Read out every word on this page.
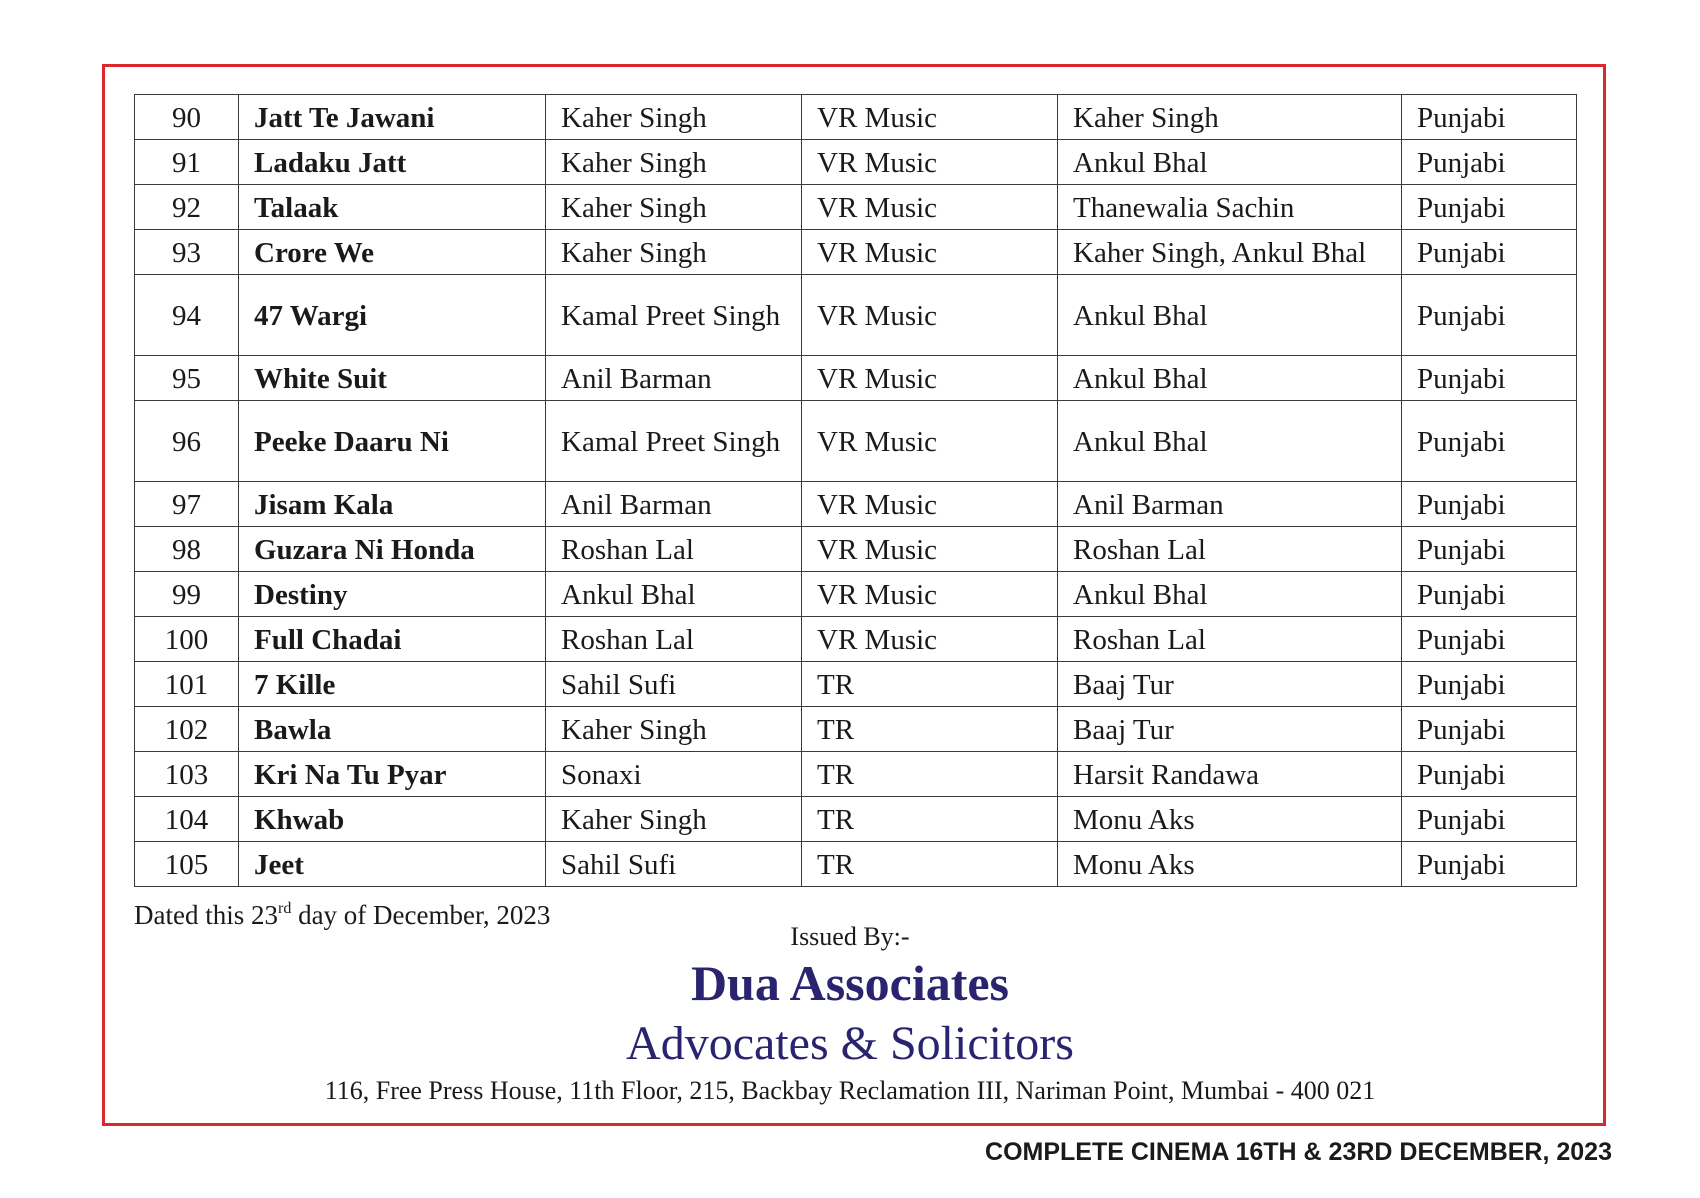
90	Jatt Te Jawani	Kaher Singh	VR Music	Kaher Singh	Punjabi
91	Ladaku Jatt	Kaher Singh	VR Music	Ankul Bhal	Punjabi
92	Talaak	Kaher Singh	VR Music	Thanewalia Sachin	Punjabi
93	Crore We	Kaher Singh	VR Music	Kaher Singh, Ankul Bhal	Punjabi
94	47 Wargi	Kamal Preet Singh	VR Music	Ankul Bhal	Punjabi
95	White Suit	Anil Barman	VR Music	Ankul Bhal	Punjabi
96	Peeke Daaru Ni	Kamal Preet Singh	VR Music	Ankul Bhal	Punjabi
97	Jisam Kala	Anil Barman	VR Music	Anil Barman	Punjabi
98	Guzara Ni Honda	Roshan Lal	VR Music	Roshan Lal	Punjabi
99	Destiny	Ankul Bhal	VR Music	Ankul Bhal	Punjabi
100	Full Chadai	Roshan Lal	VR Music	Roshan Lal	Punjabi
101	7 Kille	Sahil Sufi	TR	Baaj Tur	Punjabi
102	Bawla	Kaher Singh	TR	Baaj Tur	Punjabi
103	Kri Na Tu Pyar	Sonaxi	TR	Harsit Randawa	Punjabi
104	Khwab	Kaher Singh	TR	Monu Aks	Punjabi
105	Jeet	Sahil Sufi	TR	Monu Aks	Punjabi
Dated this 23rd day of December, 2023
Issued By:-
Dua Associates
Advocates & Solicitors
116, Free Press House, 11th Floor, 215, Backbay Reclamation III, Nariman Point, Mumbai - 400 021
COMPLETE CINEMA 16TH & 23RD DECEMBER, 2023
